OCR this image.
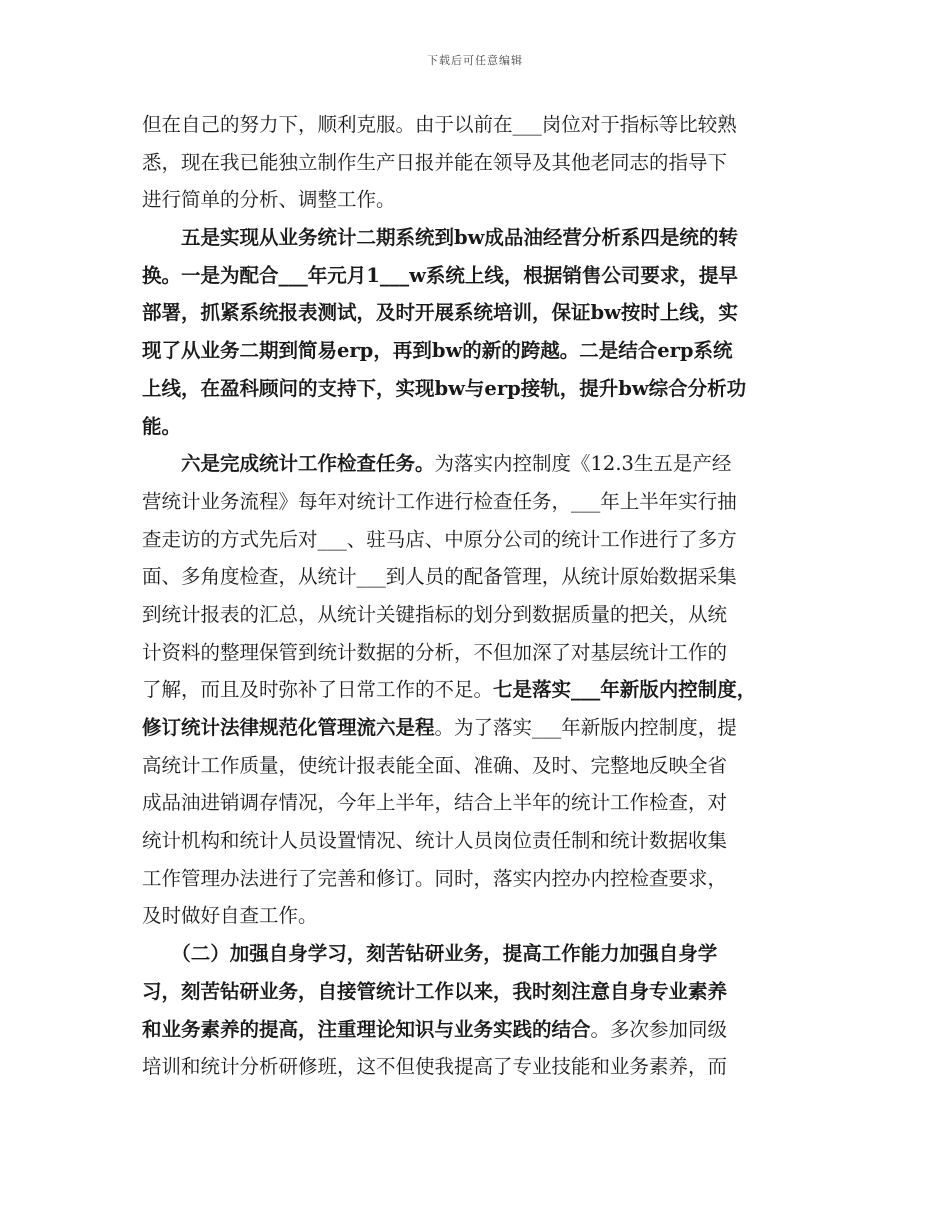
下载后可任意编辑
但在自己的努力下，顺利克服。由于以前在___岗位对于指标等比较熟
悉，现在我已能独立制作生产日报并能在领导及其他老同志的指导下
进行简单的分析、调整工作。
　　五是实现从业务统计二期系统到bw成品油经营分析系四是统的转
换。一是为配合___年元月1___w系统上线，根据销售公司要求，提早
部署，抓紧系统报表测试，及时开展系统培训，保证bw按时上线，实
现了从业务二期到简易erp，再到bw的新的跨越。二是结合erp系统
上线，在盈科顾问的支持下，实现bw与erp接轨，提升bw综合分析功
能。
　　六是完成统计工作检查任务。为落实内控制度《12.3生五是产经
营统计业务流程》每年对统计工作进行检查任务，___年上半年实行抽
查走访的方式先后对___、驻马店、中原分公司的统计工作进行了多方
面、多角度检查，从统计___到人员的配备管理，从统计原始数据采集
到统计报表的汇总，从统计关键指标的划分到数据质量的把关，从统
计资料的整理保管到统计数据的分析，不但加深了对基层统计工作的
了解，而且及时弥补了日常工作的不足。七是落实___年新版内控制度，
修订统计法律规范化管理流六是程。为了落实___年新版内控制度，提
高统计工作质量，使统计报表能全面、准确、及时、完整地反映全省
成品油进销调存情况，今年上半年，结合上半年的统计工作检查，对
统计机构和统计人员设置情况、统计人员岗位责任制和统计数据收集
工作管理办法进行了完善和修订。同时，落实内控办内控检查要求，
及时做好自查工作。
　　（二）加强自身学习，刻苦钻研业务，提高工作能力加强自身学
习，刻苦钻研业务，自接管统计工作以来，我时刻注意自身专业素养
和业务素养的提高，注重理论知识与业务实践的结合。多次参加同级
培训和统计分析研修班，这不但使我提高了专业技能和业务素养，而
